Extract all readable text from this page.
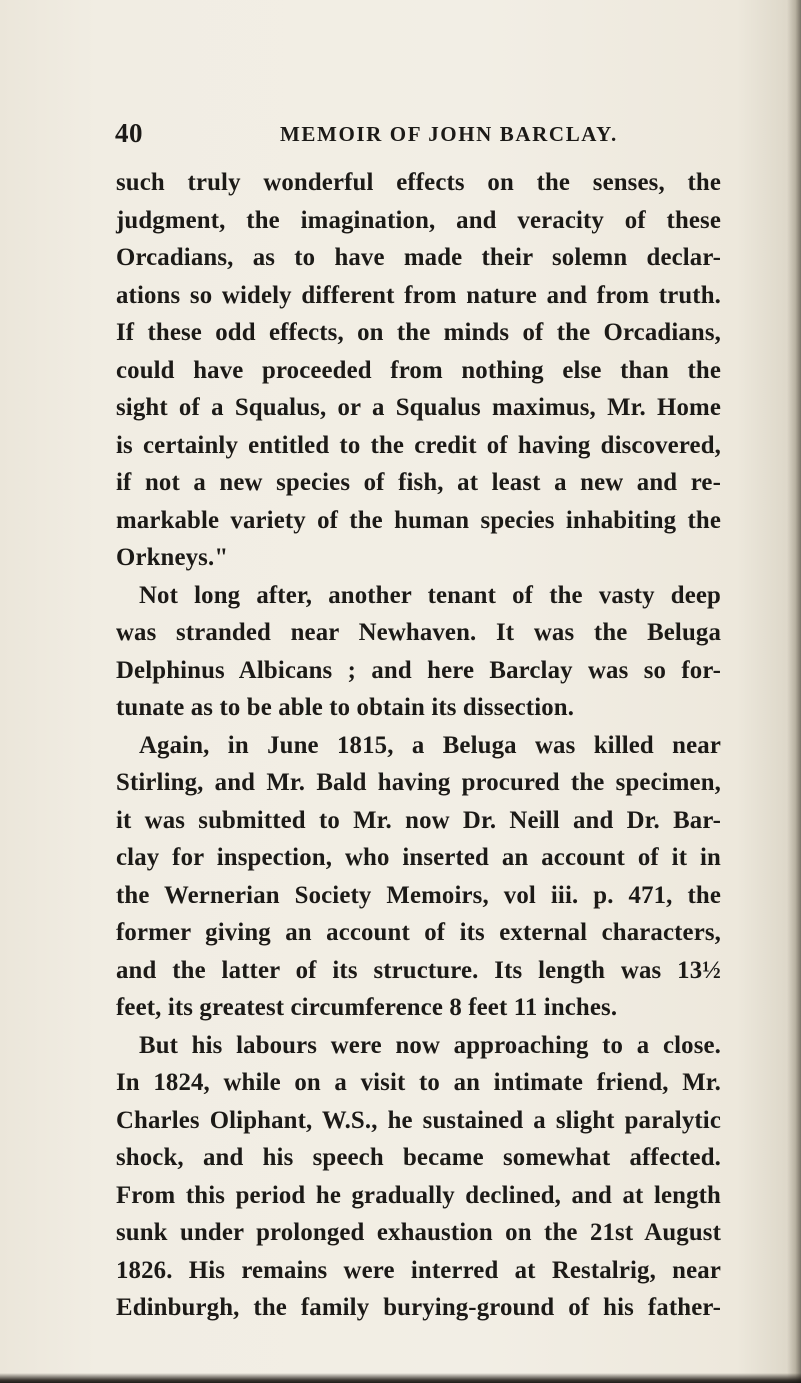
40	MEMOIR OF JOHN BARCLAY.
such truly wonderful effects on the senses, the
judgment, the imagination, and veracity of these
Orcadians, as to have made their solemn declar-
ations so widely different from nature and from truth.
If these odd effects, on the minds of the Orcadians,
could have proceeded from nothing else than the
sight of a Squalus, or a Squalus maximus, Mr. Home
is certainly entitled to the credit of having discovered,
if not a new species of fish, at least a new and re-
markable variety of the human species inhabiting the
Orkneys."
Not long after, another tenant of the vasty deep
was stranded near Newhaven. It was the Beluga
Delphinus Albicans ; and here Barclay was so for-
tunate as to be able to obtain its dissection.
Again, in June 1815, a Beluga was killed near
Stirling, and Mr. Bald having procured the specimen,
it was submitted to Mr. now Dr. Neill and Dr. Bar-
clay for inspection, who inserted an account of it in
the Wernerian Society Memoirs, vol iii. p. 471, the
former giving an account of its external characters,
and the latter of its structure. Its length was 13½
feet, its greatest circumference 8 feet 11 inches.
But his labours were now approaching to a close.
In 1824, while on a visit to an intimate friend, Mr.
Charles Oliphant, W.S., he sustained a slight paralytic
shock, and his speech became somewhat affected.
From this period he gradually declined, and at length
sunk under prolonged exhaustion on the 21st August
1826. His remains were interred at Restalrig, near
Edinburgh, the family burying-ground of his father-
